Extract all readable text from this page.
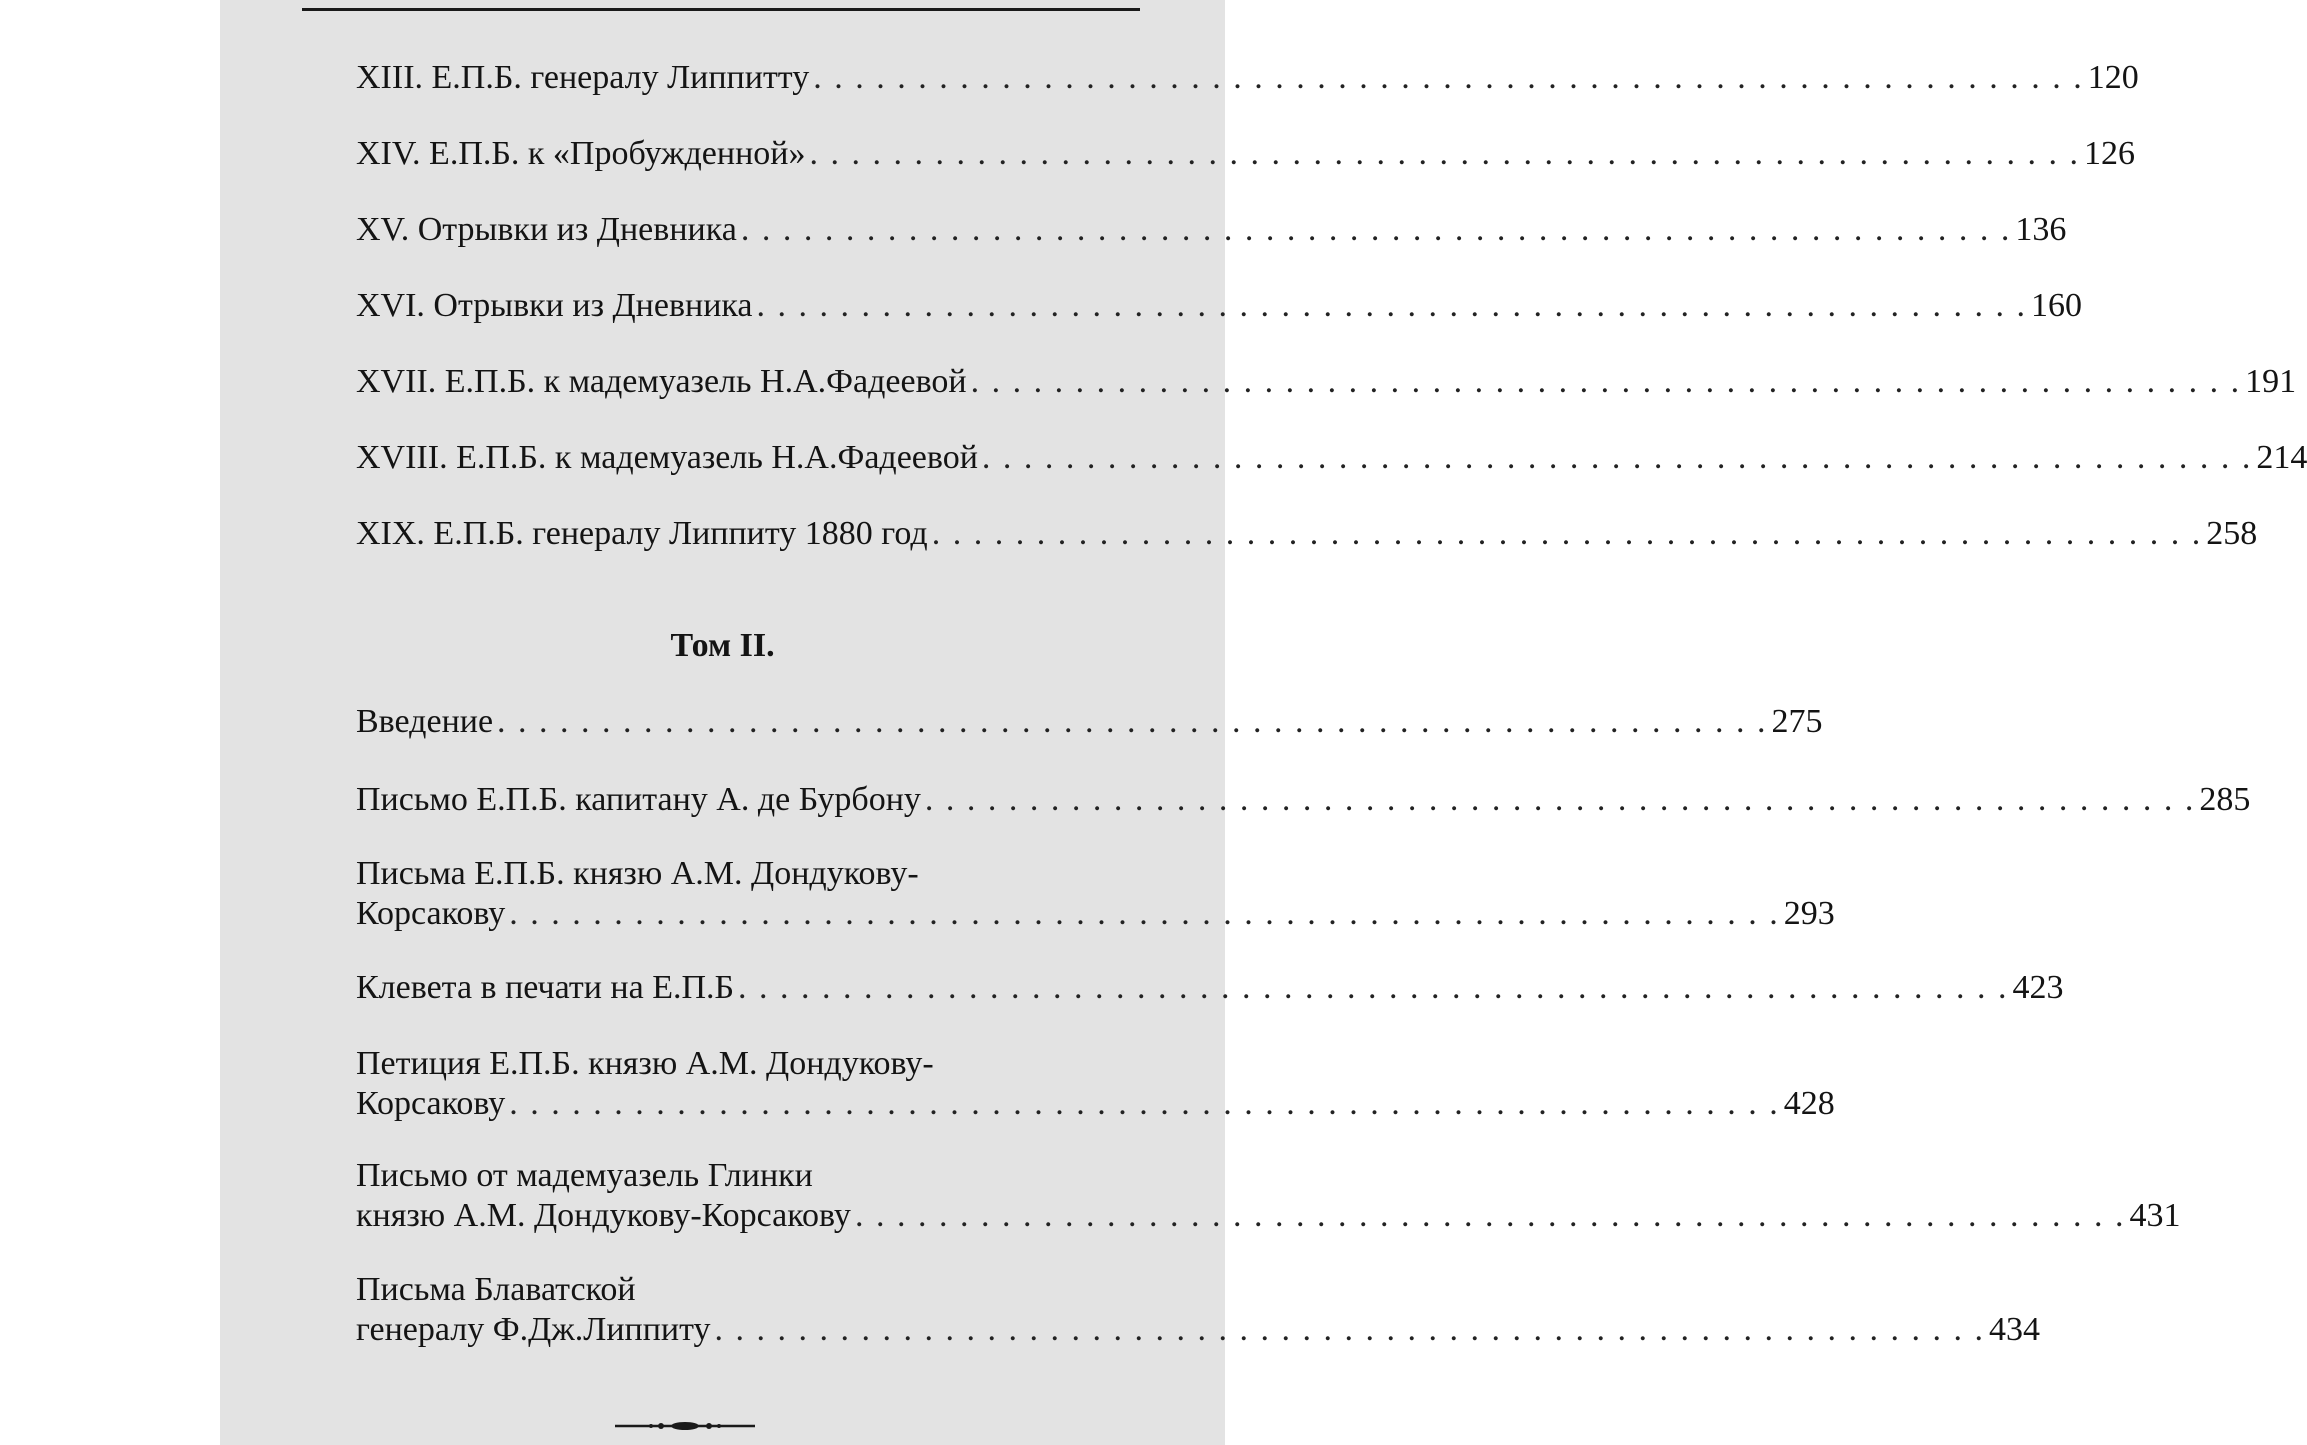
XIII. Е.П.Б. генералу Липпитту . . .	120
XIV. Е.П.Б. к «Пробужденной» . . .	126
XV. Отрывки из Дневника . . .	136
XVI. Отрывки из Дневника . . .	160
XVII. Е.П.Б. к мадемуазель Н.А.Фадеевой . . .	191
XVIII. Е.П.Б. к мадемуазель Н.А.Фадеевой . . .	214
XIX. Е.П.Б. генералу Липпиту 1880 год . . .	258
Введение . . .	275
Письмо Е.П.Б. капитану А. де Бурбону . . .	285
Письма Е.П.Б. князю А.М. Дондукову-
Корсакову . . .	293
Клевета в печати на Е.П.Б . . .	423
Петиция Е.П.Б. князю А.М. Дондукову-
Корсакову . . .	428
Письмо от мадемуазель Глинки
князю А.М. Дондукову-Корсакову . . .	431
Письма Блаватской
генералу Ф.Дж.Липпиту . . .	434
Том II.
